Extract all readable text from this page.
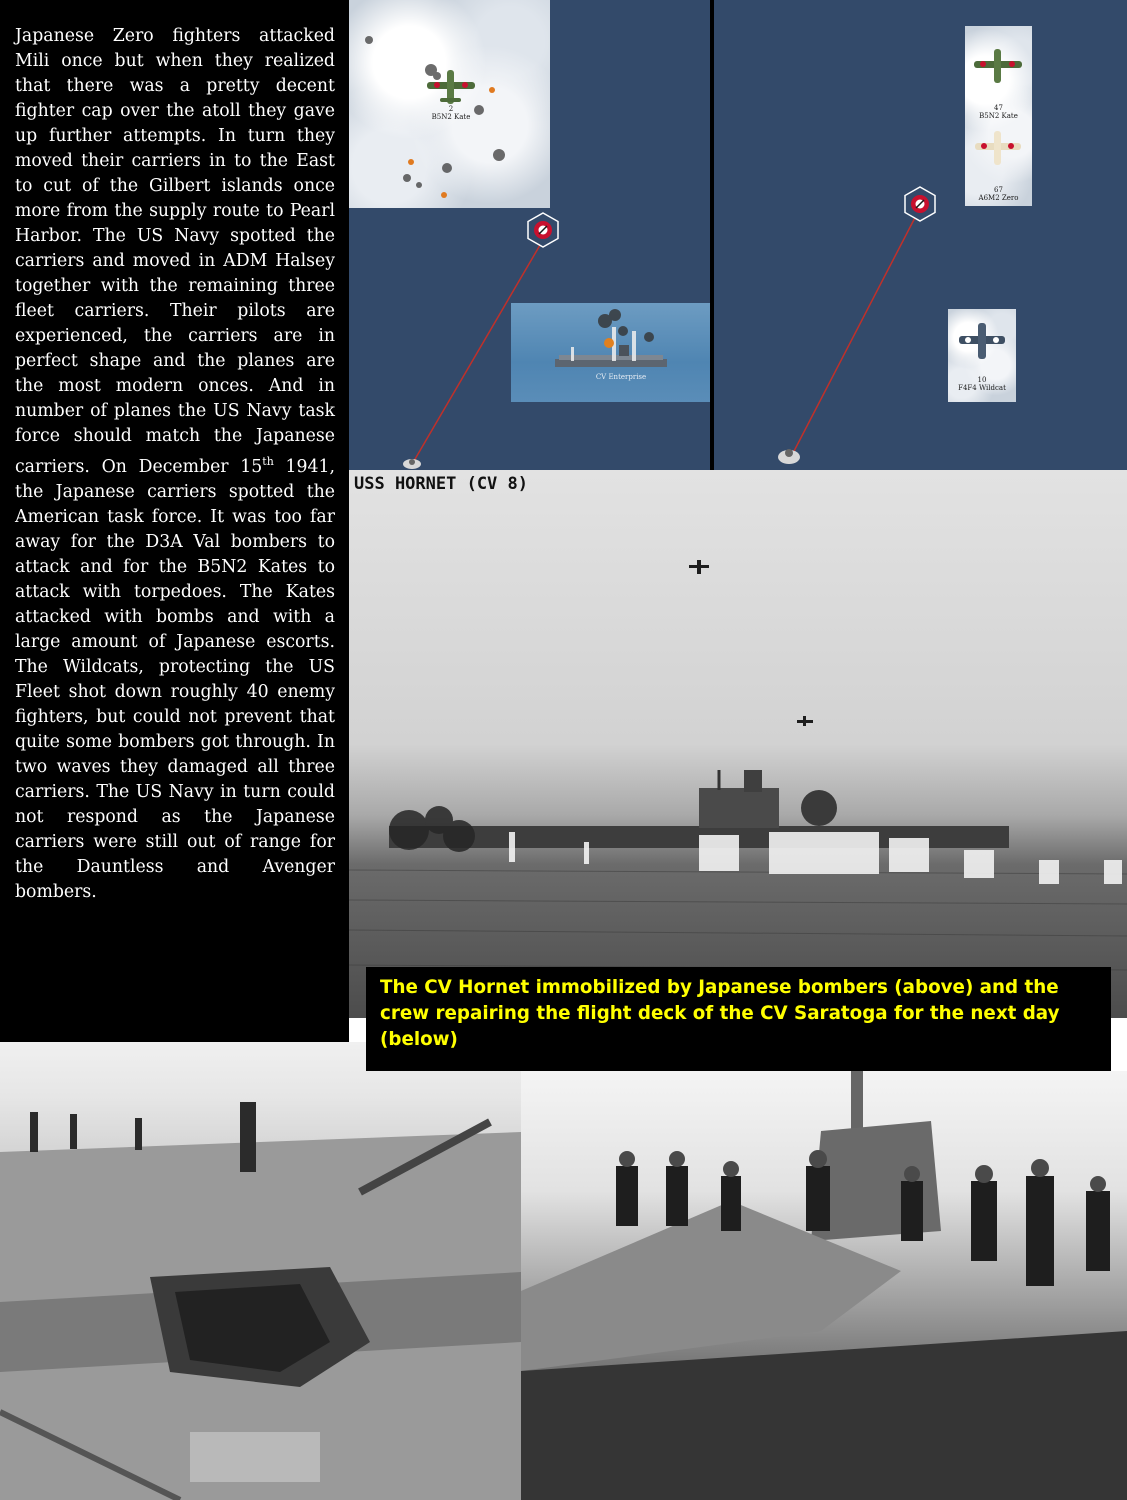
Japanese Zero fighters attacked Mili once but when they realized that there was a pretty decent fighter cap over the atoll they gave up further attempts. In turn they moved their carriers in to the East to cut of the Gilbert islands once more from the supply route to Pearl Harbor. The US Navy spotted the carriers and moved in ADM Halsey together with the remaining three fleet carriers. Their pilots are experienced, the carriers are in perfect shape and the planes are the most modern onces. And in number of planes the US Navy task force should match the Japanese carriers. On December 15th 1941, the Japanese carriers spotted the American task force. It was too far away for the D3A Val bombers to attack and for the B5N2 Kates to attack with torpedoes. The Kates attacked with bombs and with a large amount of Japanese escorts. The Wildcats, protecting the US Fleet shot down roughly 40 enemy fighters, but could not prevent that quite some bombers got through. In two waves they damaged all three carriers. The US Navy in turn could not respond as the Japanese carriers were still out of range for the Dauntless and Avenger bombers.

2
B5N2 Kate
CV Enterprise
47
B5N2 Kate
67
A6M2 Zero
10
F4F4 Wildcat

USS HORNET (CV 8)

The CV Hornet immobilized by Japanese bombers (above) and the crew repairing the flight deck of the CV Saratoga for the next day (below)
